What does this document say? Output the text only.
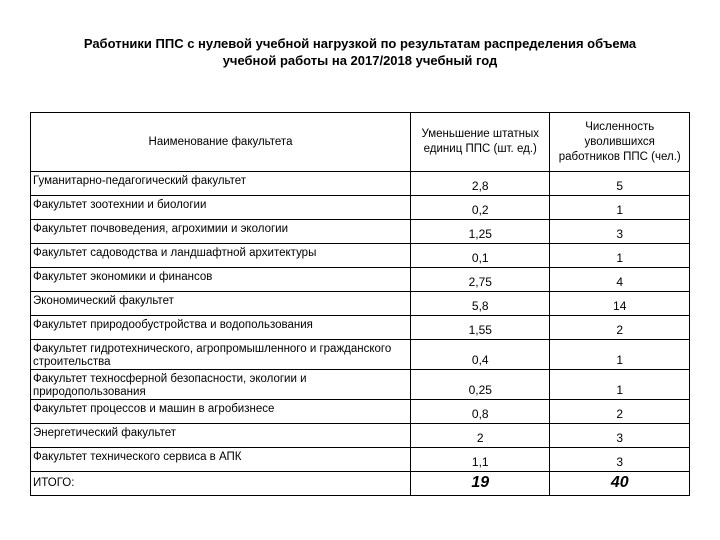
Работники ППС с нулевой учебной нагрузкой по результатам распределения объема
учебной работы на 2017/2018 учебный год
Наименование факультета	Уменьшение штатных единиц ППС (шт. ед.)	Численность уволившихся работников ППС (чел.)
Гуманитарно-педагогический факультет	2,8	5
Факультет зоотехнии и биологии	0,2	1
Факультет почвоведения, агрохимии и экологии	1,25	3
Факультет садоводства и ландшафтной архитектуры	0,1	1
Факультет экономики и финансов	2,75	4
Экономический факультет	5,8	14
Факультет природообустройства и водопользования	1,55	2
Факультет гидротехнического, агропромышленного и гражданского строительства	0,4	1
Факультет техносферной безопасности, экологии и природопользования	0,25	1
Факультет процессов и машин в агробизнесе	0,8	2
Энергетический факультет	2	3
Факультет технического сервиса в АПК	1,1	3
ИТОГО:	19	40
